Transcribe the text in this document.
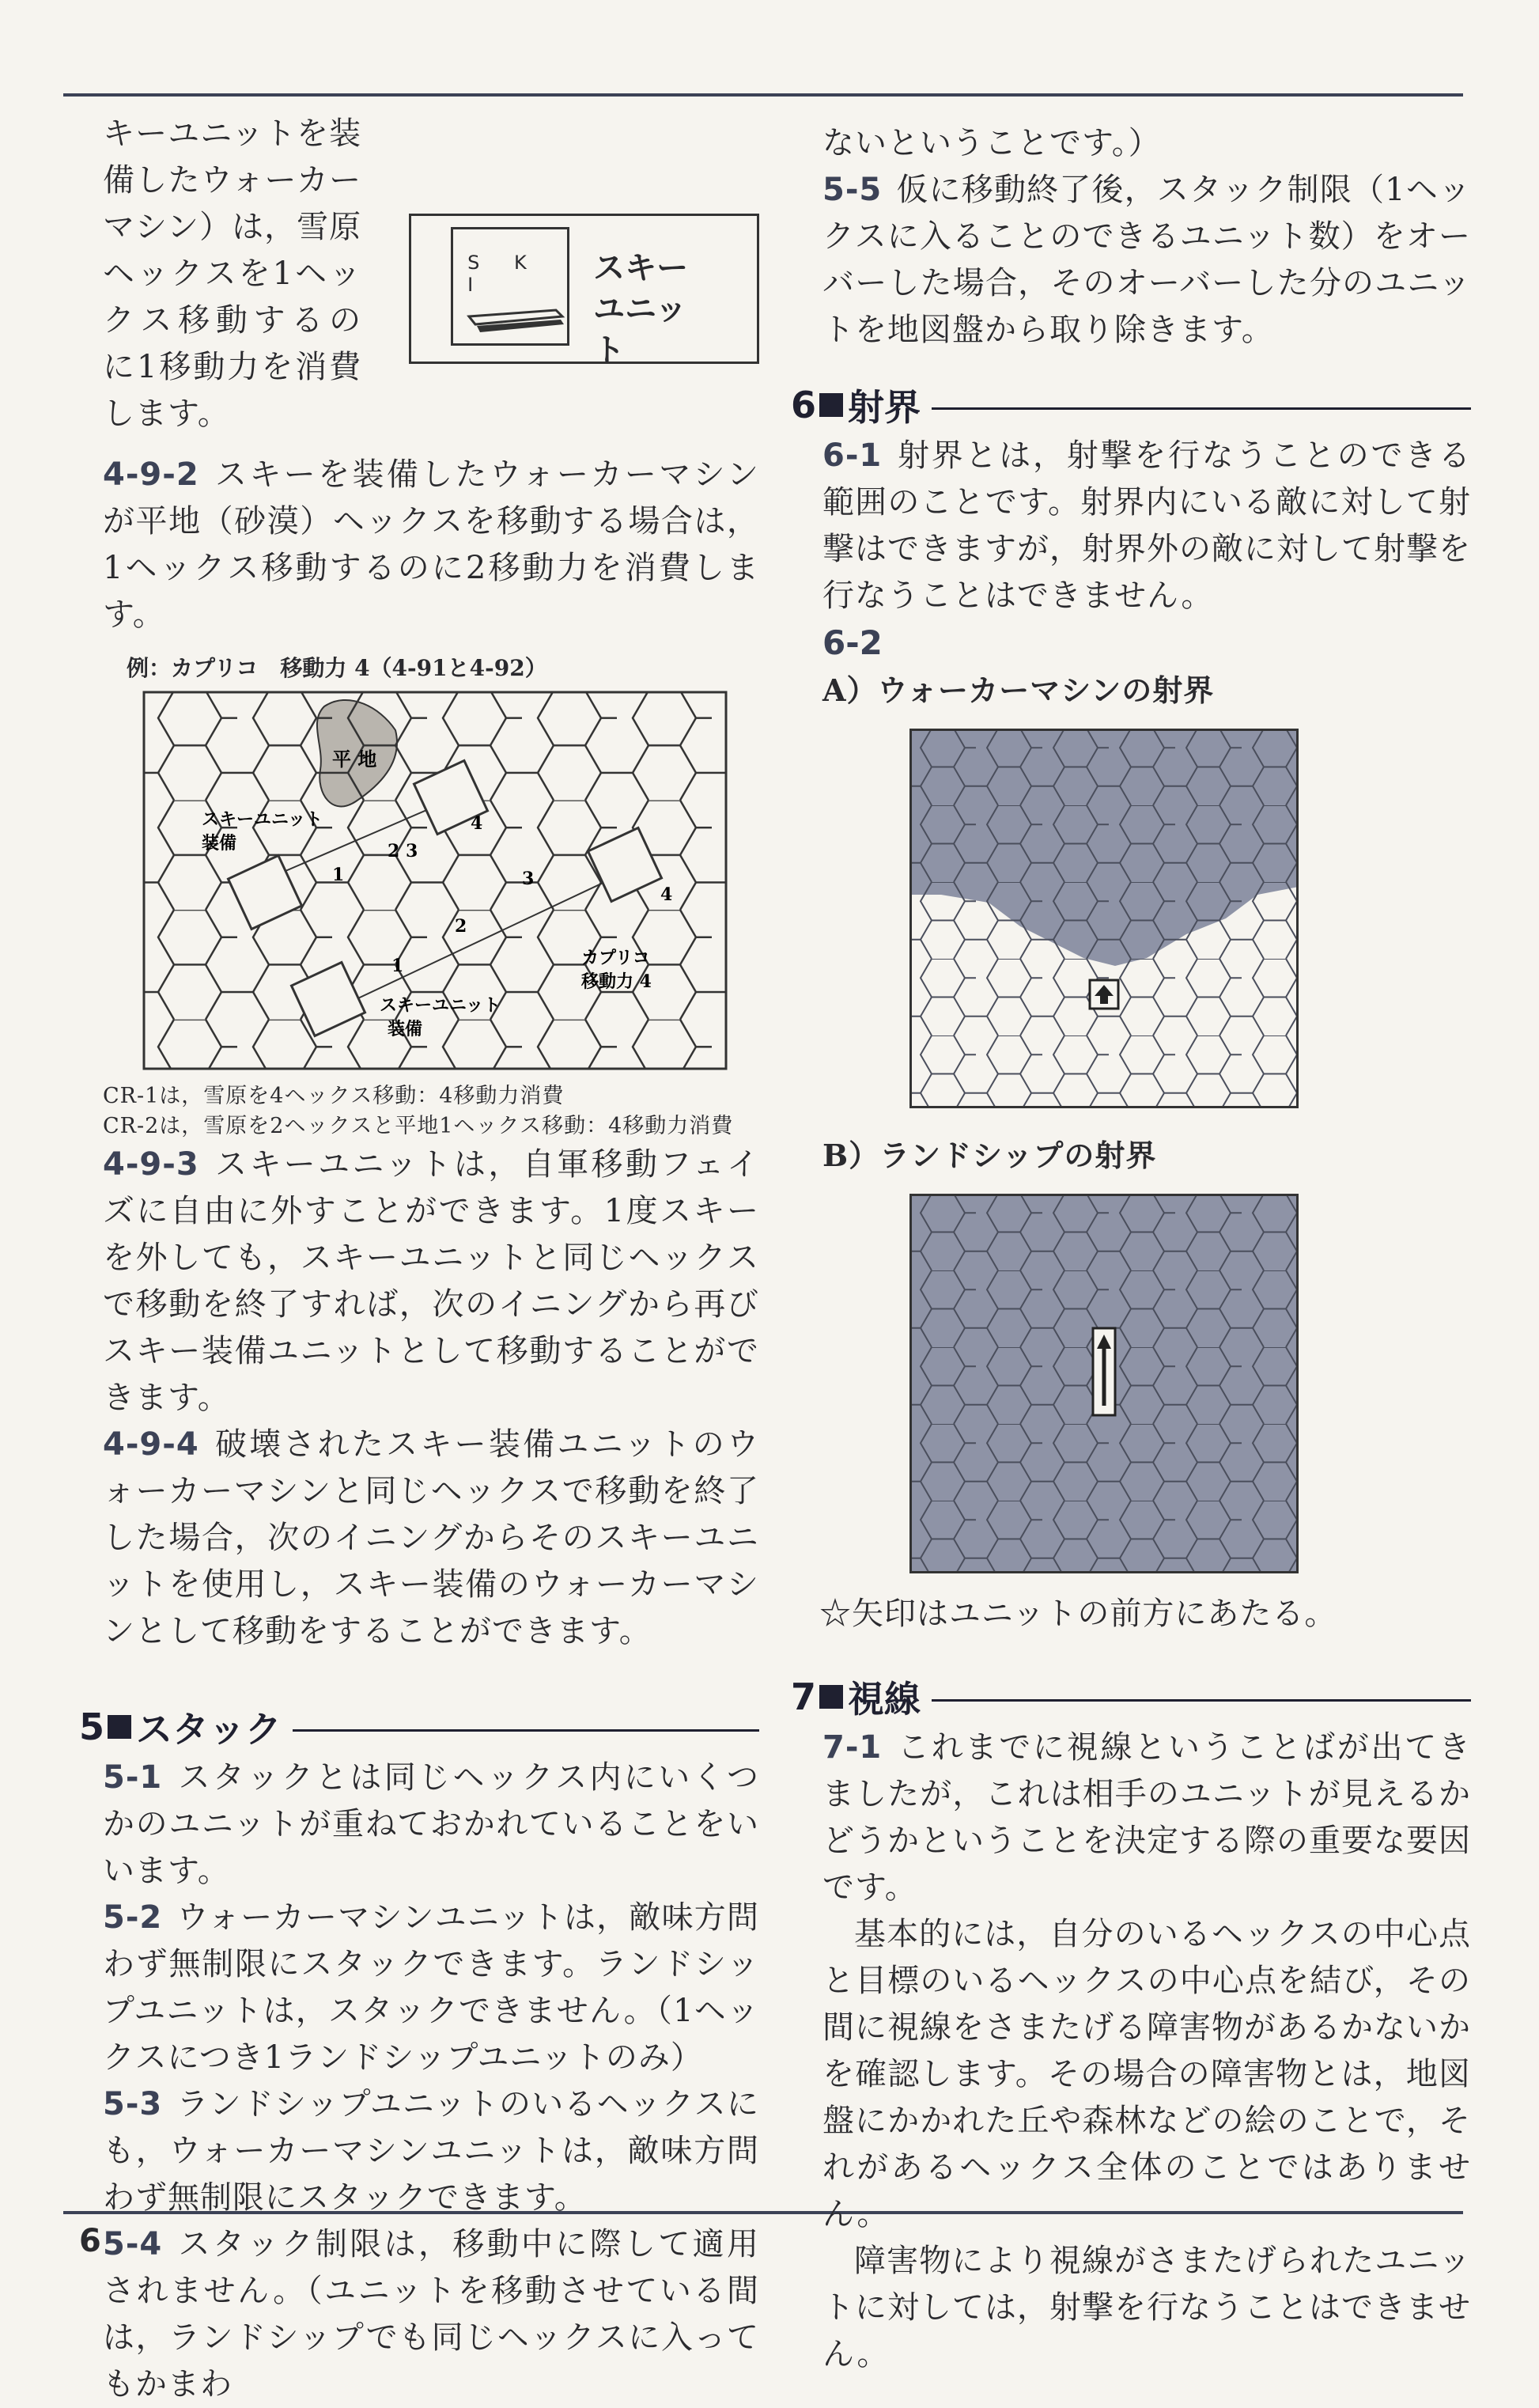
キーユニットを装備したウォーカーマシン）は，雪原ヘックスを1ヘックス移動するのに1移動力を消費します。

S K I	スキーユニット

4-9-2 スキーを装備したウォーカーマシンが平地（砂漠）ヘックスを移動する場合は，1ヘックス移動するのに2移動力を消費します。

例：カプリコ　移動力 4（4-91と4-92）
平 地
スキーユニット
装備
スキーユニット
装備
カプリコ
移動力 4
1
2 3
4
3
2
1
4

CR-1は，雪原を4ヘックス移動：4移動力消費

CR-2は，雪原を2ヘックスと平地1ヘックス移動：4移動力消費

4-9-3 スキーユニットは，自軍移動フェイズに自由に外すことができます。1度スキーを外しても，スキーユニットと同じヘックスで移動を終了すれば，次のイニングから再びスキー装備ユニットとして移動することができます。

4-9-4 破壊されたスキー装備ユニットのウォーカーマシンと同じヘックスで移動を終了した場合，次のイニングからそのスキーユニットを使用し，スキー装備のウォーカーマシンとして移動をすることができます。

5 スタック

5-1 スタックとは同じヘックス内にいくつかのユニットが重ねておかれていることをいいます。

5-2 ウォーカーマシンユニットは，敵味方問わず無制限にスタックできます。ランドシップユニットは，スタックできません。（1ヘックスにつき1ランドシップユニットのみ）

5-3 ランドシップユニットのいるヘックスにも，ウォーカーマシンユニットは，敵味方問わず無制限にスタックできます。

5-4 スタック制限は，移動中に際して適用されません。（ユニットを移動させている間は，ランドシップでも同じヘックスに入ってもかまわ

ないということです。）

5-5 仮に移動終了後，スタック制限（1ヘックスに入ることのできるユニット数）をオーバーした場合，そのオーバーした分のユニットを地図盤から取り除きます。

6 射界

6-1 射界とは，射撃を行なうことのできる範囲のことです。射界内にいる敵に対して射撃はできますが，射界外の敵に対して射撃を行なうことはできません。

6-2

A）ウォーカーマシンの射界

B）ランドシップの射界

☆矢印はユニットの前方にあたる。

7 視線

7-1 これまでに視線ということばが出てきましたが，これは相手のユニットが見えるかどうかということを決定する際の重要な要因です。

基本的には，自分のいるヘックスの中心点と目標のいるヘックスの中心点を結び，その間に視線をさまたげる障害物があるかないかを確認します。その場合の障害物とは，地図盤にかかれた丘や森林などの絵のことで，それがあるヘックス全体のことではありません。

障害物により視線がさまたげられたユニットに対しては，射撃を行なうことはできません。

6
